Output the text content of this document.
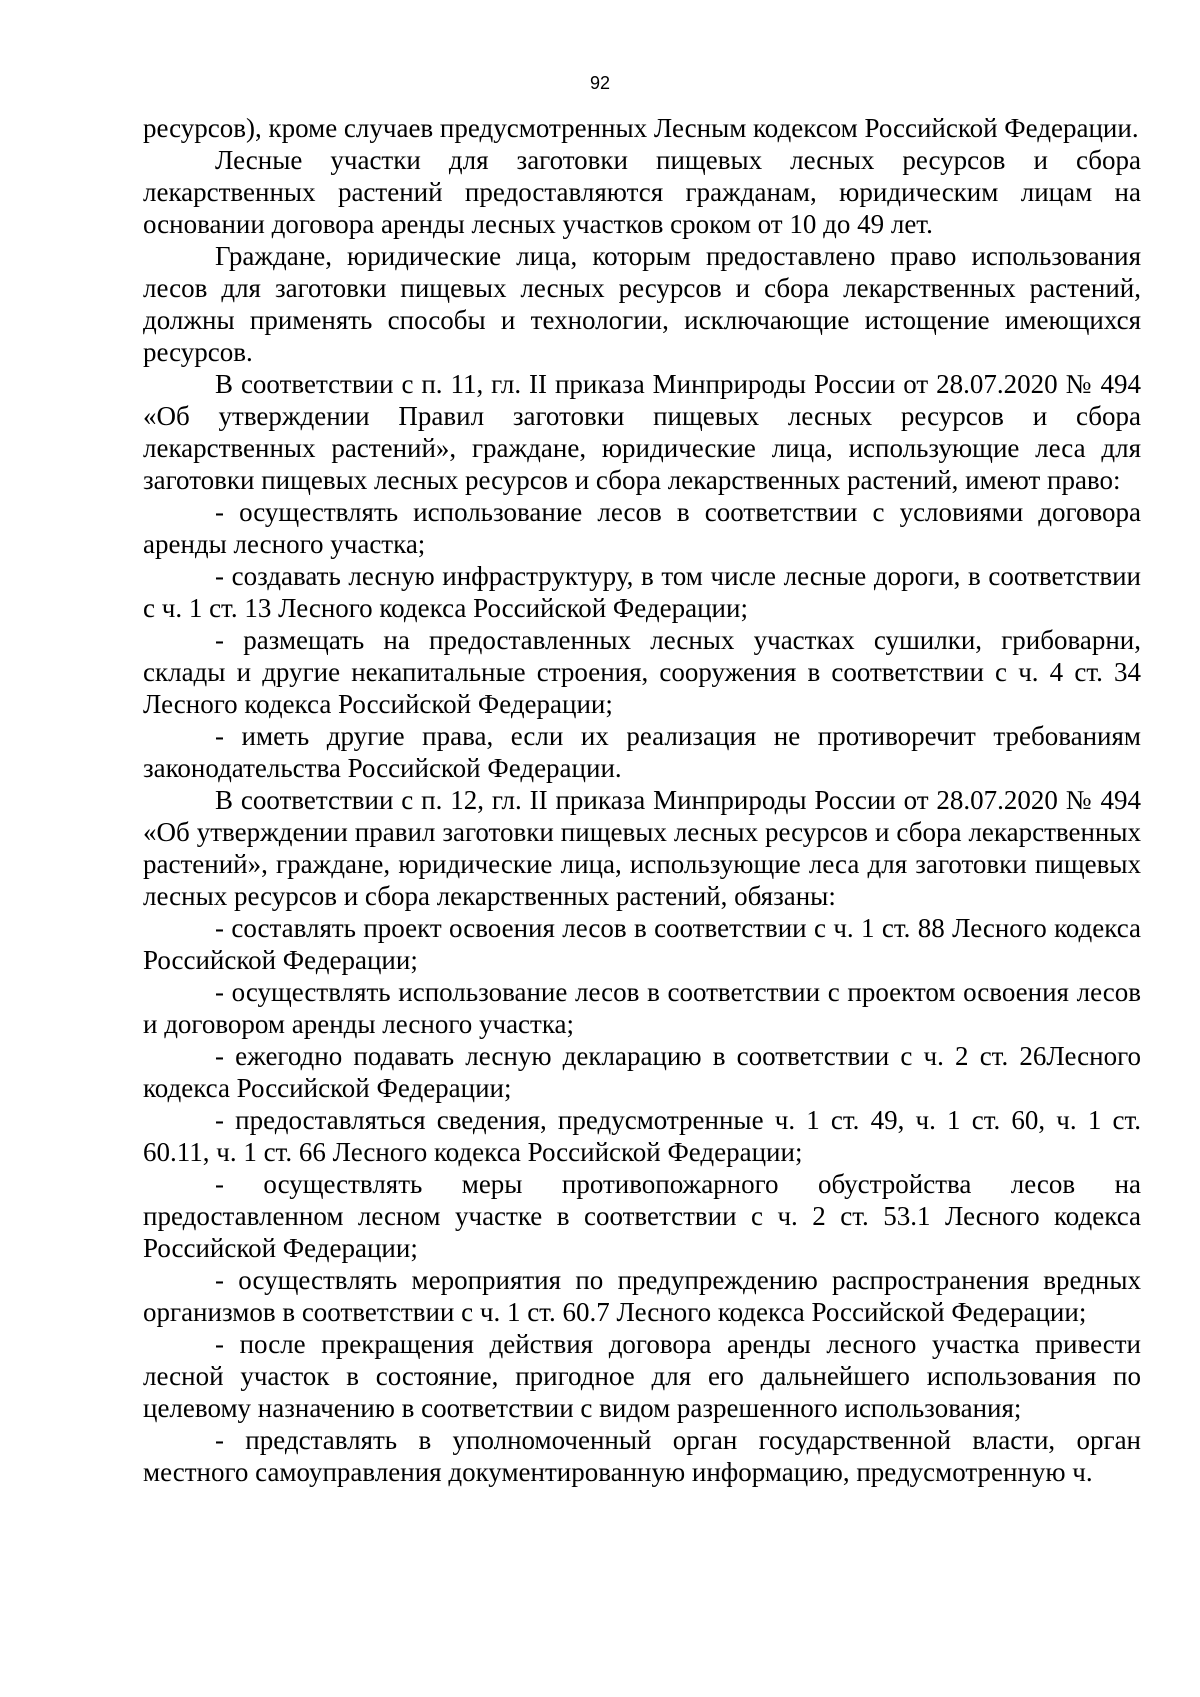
92

ресурсов), кроме случаев предусмотренных Лесным кодексом Российской Федерации.

Лесные участки для заготовки пищевых лесных ресурсов и сбора лекарственных растений предоставляются гражданам, юридическим лицам на основании договора аренды лесных участков сроком от 10 до 49 лет.

Граждане, юридические лица, которым предоставлено право использования лесов для заготовки пищевых лесных ресурсов и сбора лекарственных растений, должны применять способы и технологии, исключающие истощение имеющихся ресурсов.

В соответствии с п. 11, гл. II приказа Минприроды России от 28.07.2020 № 494 «Об утверждении Правил заготовки пищевых лесных ресурсов и сбора лекарственных растений», граждане, юридические лица, использующие леса для заготовки пищевых лесных ресурсов и сбора лекарственных растений, имеют право:

- осуществлять использование лесов в соответствии с условиями договора аренды лесного участка;

- создавать лесную инфраструктуру, в том числе лесные дороги, в соответствии с ч. 1 ст. 13 Лесного кодекса Российской Федерации;

- размещать на предоставленных лесных участках сушилки, грибоварни, склады и другие некапитальные строения, сооружения в соответствии с ч. 4 ст. 34 Лесного кодекса Российской Федерации;

- иметь другие права, если их реализация не противоречит требованиям законодательства Российской Федерации.

В соответствии с п. 12, гл. II приказа Минприроды России от 28.07.2020 № 494 «Об утверждении правил заготовки пищевых лесных ресурсов и сбора лекарственных растений», граждане, юридические лица, использующие леса для заготовки пищевых лесных ресурсов и сбора лекарственных растений, обязаны:

- составлять проект освоения лесов в соответствии с ч. 1 ст. 88 Лесного кодекса Российской Федерации;

- осуществлять использование лесов в соответствии с проектом освоения лесов и договором аренды лесного участка;

- ежегодно подавать лесную декларацию в соответствии с ч. 2 ст. 26Лесного кодекса Российской Федерации;

- предоставляться сведения, предусмотренные ч. 1 ст. 49, ч. 1 ст. 60, ч. 1 ст. 60.11, ч. 1 ст. 66 Лесного кодекса Российской Федерации;

- осуществлять меры противопожарного обустройства лесов на предоставленном лесном участке в соответствии с ч. 2 ст. 53.1 Лесного кодекса Российской Федерации;

- осуществлять мероприятия по предупреждению распространения вредных организмов в соответствии с ч. 1 ст. 60.7 Лесного кодекса Российской Федерации;

- после прекращения действия договора аренды лесного участка привести лесной участок в состояние, пригодное для его дальнейшего использования по целевому назначению в соответствии с видом разрешенного использования;

- представлять в уполномоченный орган государственной власти, орган местного самоуправления документированную информацию, предусмотренную ч.
